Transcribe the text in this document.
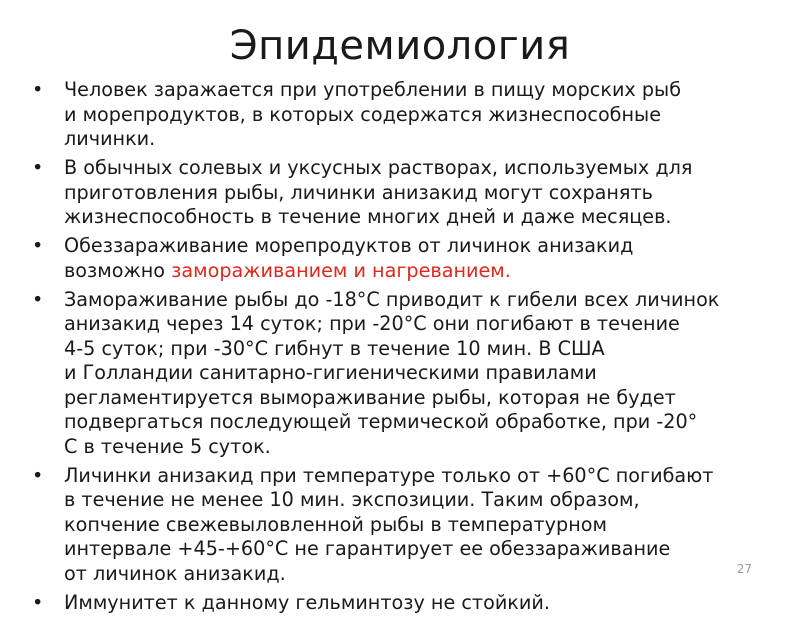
Эпидемиология
• Человек заражается при употреблении в пищу морских рыб
и морепродуктов, в которых содержатся жизнеспособные
личинки.
• В обычных солевых и уксусных растворах, используемых для
приготовления рыбы, личинки анизакид могут сохранять
жизнеспособность в течение многих дней и даже месяцев.
• Обеззараживание морепродуктов от личинок анизакид
возможно замораживанием и нагреванием.
• Замораживание рыбы до -18°С приводит к гибели всех личинок
анизакид через 14 суток; при -20°С они погибают в течение
4-5 суток; при -30°С гибнут в течение 10 мин. В США
и Голландии санитарно-гигиеническими правилами
регламентируется вымораживание рыбы, которая не будет
подвергаться последующей термической обработке, при -20°
С в течение 5 суток.
• Личинки анизакид при температуре только от +60°С погибают
в течение не менее 10 мин. экспозиции. Таким образом,
копчение свежевыловленной рыбы в температурном
интервале +45-+60°С не гарантирует ее обеззараживание
от личинок анизакид.
• Иммунитет к данному гельминтозу не стойкий.
27
